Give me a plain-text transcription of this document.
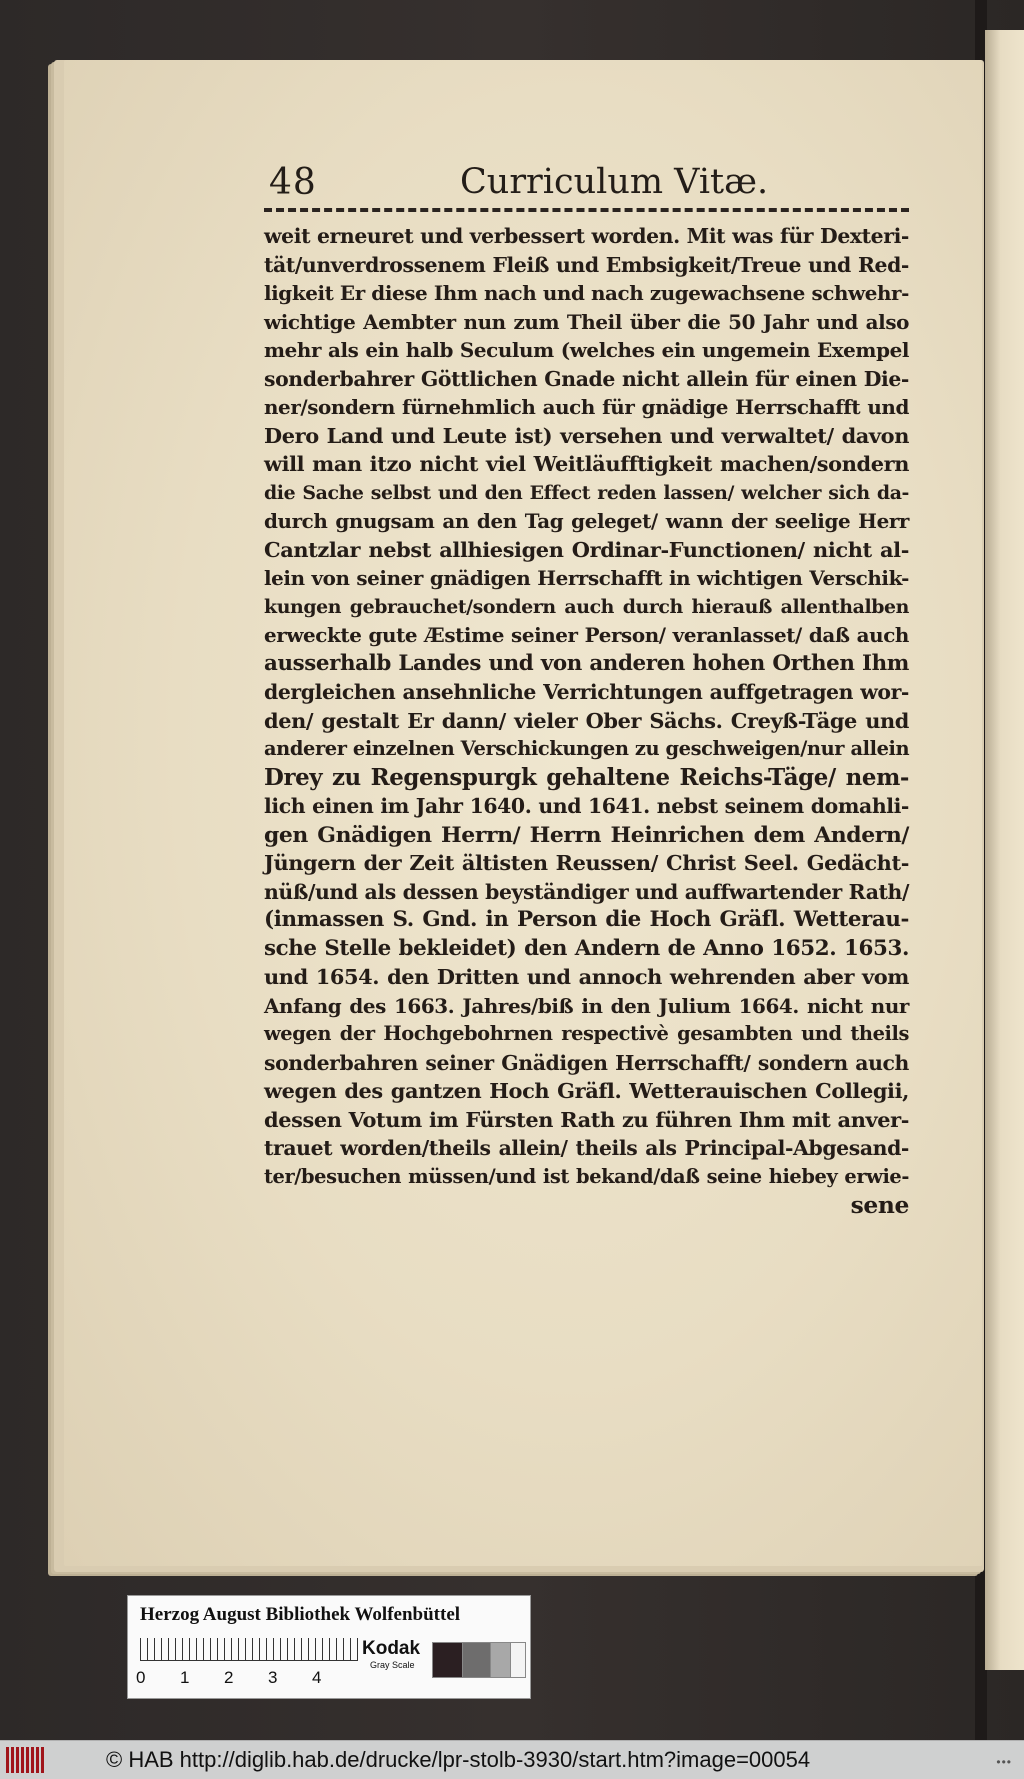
48	Curriculum Vitæ.
weit erneuret und verbessert worden. Mit was für Dexteri-
tät/unverdrossenem Fleiß und Embsigkeit/Treue und Red-
ligkeit Er diese Ihm nach und nach zugewachsene schwehr-
wichtige Aembter nun zum Theil über die 50 Jahr und also
mehr als ein halb Seculum (welches ein ungemein Exempel
sonderbahrer Göttlichen Gnade nicht allein für einen Die-
ner/sondern fürnehmlich auch für gnädige Herrschafft und
Dero Land und Leute ist) versehen und verwaltet/ davon
will man itzo nicht viel Weitläufftigkeit machen/sondern
die Sache selbst und den Effect reden lassen/ welcher sich da-
durch gnugsam an den Tag geleget/ wann der seelige Herr
Cantzlar nebst allhiesigen Ordinar-Functionen/ nicht al-
lein von seiner gnädigen Herrschafft in wichtigen Verschik-
kungen gebrauchet/sondern auch durch hierauß allenthalben
erweckte gute Æstime seiner Person/ veranlasset/ daß auch
ausserhalb Landes und von anderen hohen Orthen Ihm
dergleichen ansehnliche Verrichtungen auffgetragen wor-
den/ gestalt Er dann/ vieler Ober Sächs. Creyß-Täge und
anderer einzelnen Verschickungen zu geschweigen/nur allein
Drey zu Regenspurgk gehaltene Reichs-Täge/ nem-
lich einen im Jahr 1640. und 1641. nebst seinem domahli-
gen Gnädigen Herrn/ Herrn Heinrichen dem Andern/
Jüngern der Zeit ältisten Reussen/ Christ Seel. Gedächt-
nüß/und als dessen beyständiger und auffwartender Rath/
(inmassen S. Gnd. in Person die Hoch Gräfl. Wetterau-
sche Stelle bekleidet) den Andern de Anno 1652. 1653.
und 1654. den Dritten und annoch wehrenden aber vom
Anfang des 1663. Jahres/biß in den Julium 1664. nicht nur
wegen der Hochgebohrnen respectivè gesambten und theils
sonderbahren seiner Gnädigen Herrschafft/ sondern auch
wegen des gantzen Hoch Gräfl. Wetterauischen Collegii,
dessen Votum im Fürsten Rath zu führen Ihm mit anver-
trauet worden/theils allein/ theils als Principal-Abgesand-
ter/besuchen müssen/und ist bekand/daß seine hiebey erwie-
sene
Herzog August Bibliothek Wolfenbüttel
0 1 2 3 4
Kodak
Gray Scale
© HAB http://diglib.hab.de/drucke/lpr-stolb-3930/start.htm?image=00054	•••
